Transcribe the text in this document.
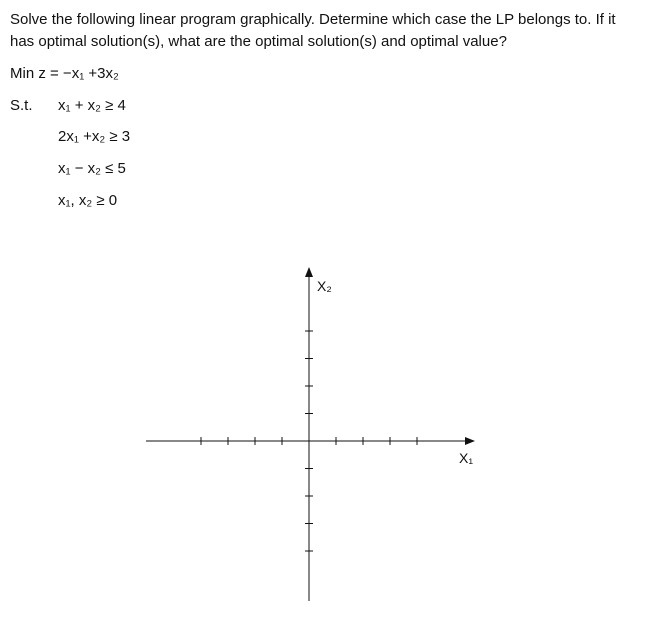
Solve the following linear program graphically. Determine which case the LP belongs to. If it has optimal solution(s), what are the optimal solution(s) and optimal value?
Min z = −x₁ +3x₂
S.t. x₁ + x₂ ≥ 4
2x₁ +x₂ ≥ 3
x₁ − x₂ ≤ 5
x₁, x₂ ≥ 0
X₂
X₁
